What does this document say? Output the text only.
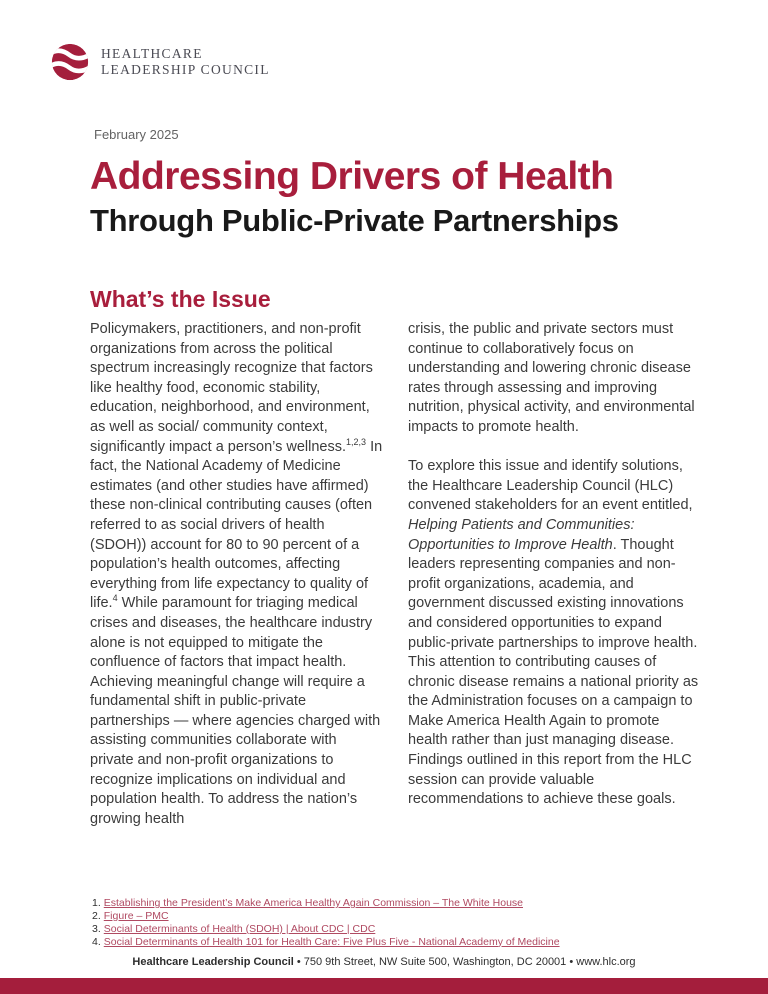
HEALTHCARE
LEADERSHIP COUNCIL
February 2025
Addressing Drivers of Health
Through Public-Private Partnerships
What’s the Issue

Policymakers, practitioners, and non-profit organizations from across the political spectrum increasingly recognize that factors like healthy food, economic stability, education, neighborhood, and environment, as well as social/ community context, significantly impact a person’s wellness.$^{1,2,3}$ In fact, the National Academy of Medicine estimates (and other studies have affirmed) these non-clinical contributing causes (often referred to as social drivers of health (SDOH)) account for 80 to 90 percent of a population’s health outcomes, affecting everything from life expectancy to quality of life.$^4$ While paramount for triaging medical crises and diseases, the healthcare industry alone is not equipped to mitigate the confluence of factors that impact health. Achieving meaningful change will require a fundamental shift in public-private partnerships — where agencies charged with assisting communities collaborate with private and non-profit organizations to recognize implications on individual and population health. To address the nation’s growing health

crisis, the public and private sectors must continue to collaboratively focus on understanding and lowering chronic disease rates through assessing and improving nutrition, physical activity, and environmental impacts to promote health.

To explore this issue and identify solutions, the Healthcare Leadership Council (HLC) convened stakeholders for an event entitled, Helping Patients and Communities: Opportunities to Improve Health. Thought leaders representing companies and non-profit organizations, academia, and government discussed existing innovations and considered opportunities to expand public-private partnerships to improve health. This attention to contributing causes of chronic disease remains a national priority as the Administration focuses on a campaign to Make America Health Again to promote health rather than just managing disease. Findings outlined in this report from the HLC session can provide valuable recommendations to achieve these goals.

1. Establishing the President’s Make America Healthy Again Commission – The White House
2. Figure – PMC
3. Social Determinants of Health (SDOH) | About CDC | CDC
4. Social Determinants of Health 101 for Health Care: Five Plus Five - National Academy of Medicine
Healthcare Leadership Council • 750 9th Street, NW Suite 500, Washington, DC 20001 • www.hlc.org
